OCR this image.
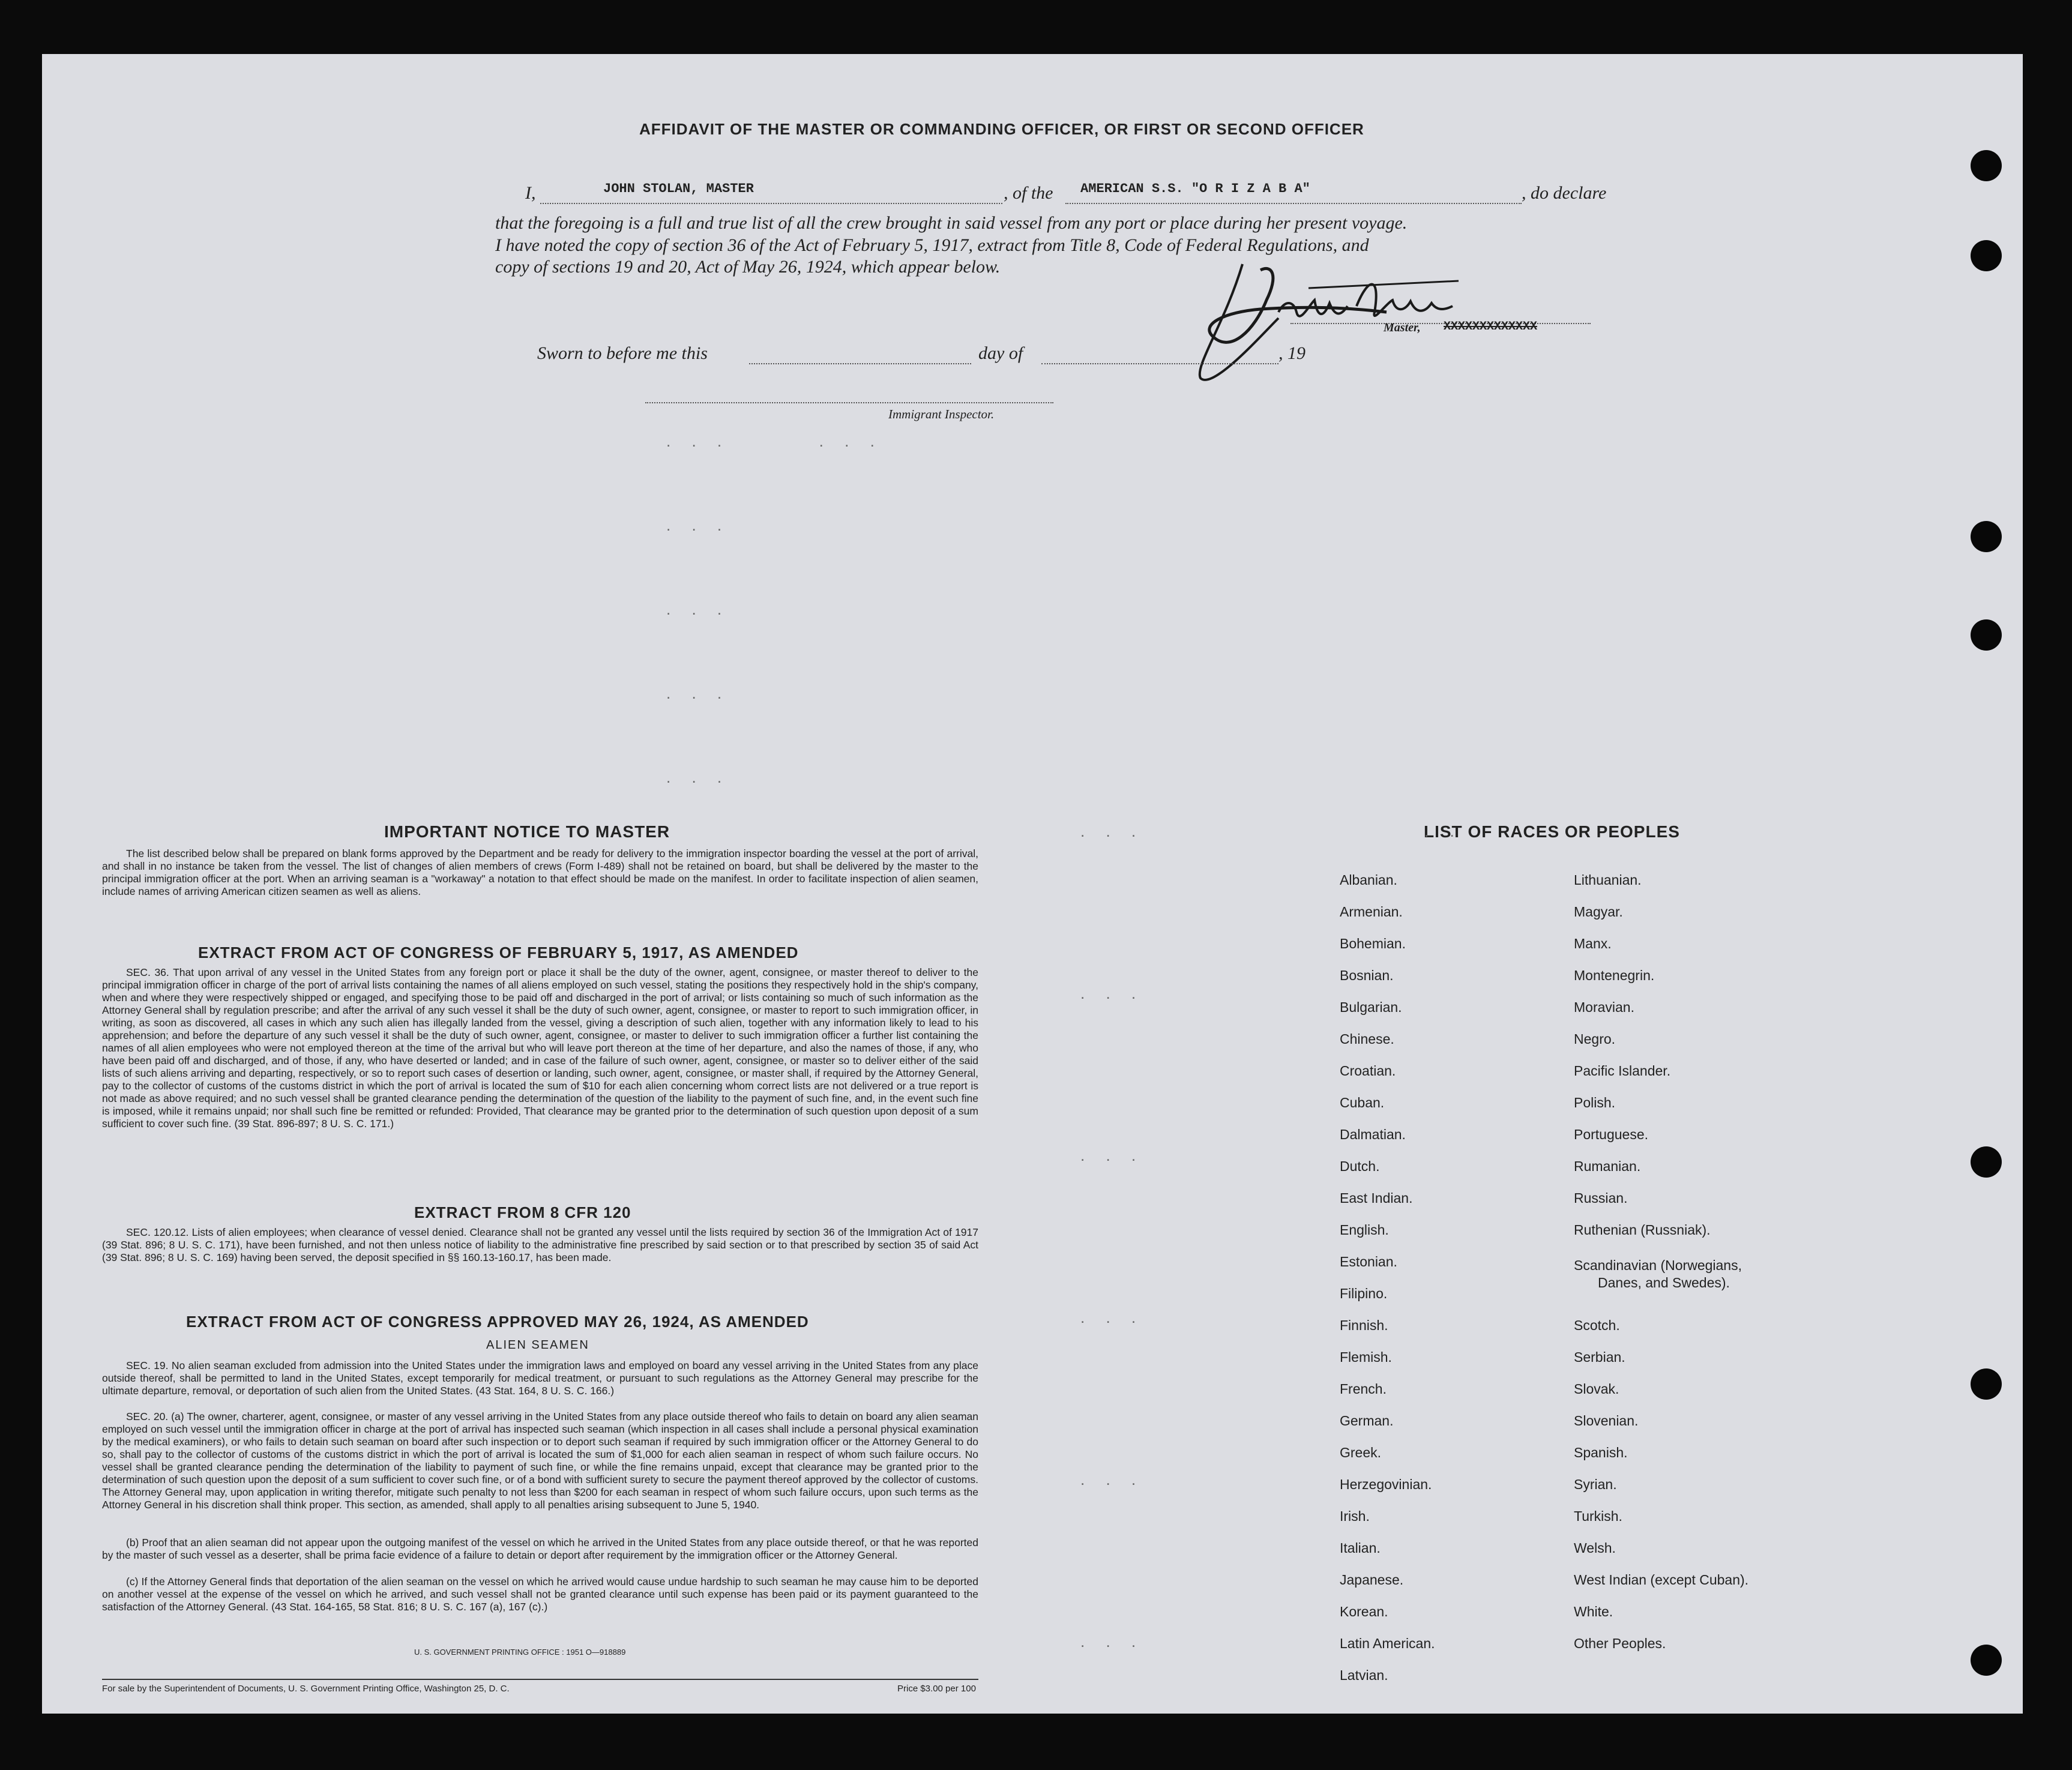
AFFIDAVIT OF THE MASTER OR COMMANDING OFFICER, OR FIRST OR SECOND OFFICER
I,	JOHN STOLAN, MASTER	, of the AMERICAN S.S. "O R I Z A B A"	, do declare
that the foregoing is a full and true list of all the crew brought in said vessel from any port or place during her present voyage.
I have noted the copy of section 36 of the Act of February 5, 1917, extract from Title 8, Code of Federal Regulations, and
copy of sections 19 and 20, Act of May 26, 1924, which appear below.
Master, XXXXXXXXXXXXX
Sworn to before me this	day of	, 19
Immigrant Inspector.
. . .       . . .
. . .
. . .
. . .
. . .
IMPORTANT NOTICE TO MASTER
The list described below shall be prepared on blank forms approved by the Department and be ready for delivery to the immigration inspector boarding the vessel at the port of arrival, and shall in no instance be taken from the vessel. The list of changes of alien members of crews (Form I-489) shall not be retained on board, but shall be delivered by the master to the principal immigration officer at the port. When an arriving seaman is a "workaway" a notation to that effect should be made on the manifest. In order to facilitate inspection of alien seamen, include names of arriving American citizen seamen as well as aliens.
EXTRACT FROM ACT OF CONGRESS OF FEBRUARY 5, 1917, AS AMENDED
SEC. 36. That upon arrival of any vessel in the United States from any foreign port or place it shall be the duty of the owner, agent, consignee, or master thereof to deliver to the principal immigration officer in charge of the port of arrival lists containing the names of all aliens employed on such vessel, stating the positions they respectively hold in the ship's company, when and where they were respectively shipped or engaged, and specifying those to be paid off and discharged in the port of arrival; or lists containing so much of such information as the Attorney General shall by regulation prescribe; and after the arrival of any such vessel it shall be the duty of such owner, agent, consignee, or master to report to such immigration officer, in writing, as soon as discovered, all cases in which any such alien has illegally landed from the vessel, giving a description of such alien, together with any information likely to lead to his apprehension; and before the departure of any such vessel it shall be the duty of such owner, agent, consignee, or master to deliver to such immigration officer a further list containing the names of all alien employees who were not employed thereon at the time of the arrival but who will leave port thereon at the time of her departure, and also the names of those, if any, who have been paid off and discharged, and of those, if any, who have deserted or landed; and in case of the failure of such owner, agent, consignee, or master so to deliver either of the said lists of such aliens arriving and departing, respectively, or so to report such cases of desertion or landing, such owner, agent, consignee, or master shall, if required by the Attorney General, pay to the collector of customs of the customs district in which the port of arrival is located the sum of $10 for each alien concerning whom correct lists are not delivered or a true report is not made as above required; and no such vessel shall be granted clearance pending the determination of the question of the liability to the payment of such fine, and, in the event such fine is imposed, while it remains unpaid; nor shall such fine be remitted or refunded: Provided, That clearance may be granted prior to the determination of such question upon deposit of a sum sufficient to cover such fine. (39 Stat. 896-897; 8 U. S. C. 171.)
EXTRACT FROM 8 CFR 120
SEC. 120.12. Lists of alien employees; when clearance of vessel denied. Clearance shall not be granted any vessel until the lists required by section 36 of the Immigration Act of 1917 (39 Stat. 896; 8 U. S. C. 171), have been furnished, and not then unless notice of liability to the administrative fine prescribed by said section or to that prescribed by section 35 of said Act (39 Stat. 896; 8 U. S. C. 169) having been served, the deposit specified in §§ 160.13-160.17, has been made.
EXTRACT FROM ACT OF CONGRESS APPROVED MAY 26, 1924, AS AMENDED
ALIEN SEAMEN
SEC. 19. No alien seaman excluded from admission into the United States under the immigration laws and employed on board any vessel arriving in the United States from any place outside thereof, shall be permitted to land in the United States, except temporarily for medical treatment, or pursuant to such regulations as the Attorney General may prescribe for the ultimate departure, removal, or deportation of such alien from the United States. (43 Stat. 164, 8 U. S. C. 166.)
SEC. 20. (a) The owner, charterer, agent, consignee, or master of any vessel arriving in the United States from any place outside thereof who fails to detain on board any alien seaman employed on such vessel until the immigration officer in charge at the port of arrival has inspected such seaman (which inspection in all cases shall include a personal physical examination by the medical examiners), or who fails to detain such seaman on board after such inspection or to deport such seaman if required by such immigration officer or the Attorney General to do so, shall pay to the collector of customs of the customs district in which the port of arrival is located the sum of $1,000 for each alien seaman in respect of whom such failure occurs. No vessel shall be granted clearance pending the determination of the liability to payment of such fine, or while the fine remains unpaid, except that clearance may be granted prior to the determination of such question upon the deposit of a sum sufficient to cover such fine, or of a bond with sufficient surety to secure the payment thereof approved by the collector of customs. The Attorney General may, upon application in writing therefor, mitigate such penalty to not less than $200 for each seaman in respect of whom such failure occurs, upon such terms as the Attorney General in his discretion shall think proper. This section, as amended, shall apply to all penalties arising subsequent to June 5, 1940.
(b) Proof that an alien seaman did not appear upon the outgoing manifest of the vessel on which he arrived in the United States from any place outside thereof, or that he was reported by the master of such vessel as a deserter, shall be prima facie evidence of a failure to detain or deport after requirement by the immigration officer or the Attorney General.
(c) If the Attorney General finds that deportation of the alien seaman on the vessel on which he arrived would cause undue hardship to such seaman he may cause him to be deported on another vessel at the expense of the vessel on which he arrived, and such vessel shall not be granted clearance until such expense has been paid or its payment guaranteed to the satisfaction of the Attorney General. (43 Stat. 164-165, 58 Stat. 816; 8 U. S. C. 167 (a), 167 (c).)
U. S. GOVERNMENT PRINTING OFFICE : 1951 O—918889
For sale by the Superintendent of Documents, U. S. Government Printing Office, Washington 25, D. C.	Price $3.00 per 100
LIST OF RACES OR PEOPLES
Albanian.
Armenian.
Bohemian.
Bosnian.
Bulgarian.
Chinese.
Croatian.
Cuban.
Dalmatian.
Dutch.
East Indian.
English.
Estonian.
Filipino.
Finnish.
Flemish.
French.
German.
Greek.
Herzegovinian.
Irish.
Italian.
Japanese.
Korean.
Latin American.
Latvian.
Lithuanian.
Magyar.
Manx.
Montenegrin.
Moravian.
Negro.
Pacific Islander.
Polish.
Portuguese.
Rumanian.
Russian.
Ruthenian (Russniak).
Scandinavian (Norwegians,
Danes, and Swedes).
Scotch.
Serbian.
Slovak.
Slovenian.
Spanish.
Syrian.
Turkish.
Welsh.
West Indian (except Cuban).
White.
Other Peoples.
. . .                      . .
. . .
. . .
. . .
. . .
. . .
